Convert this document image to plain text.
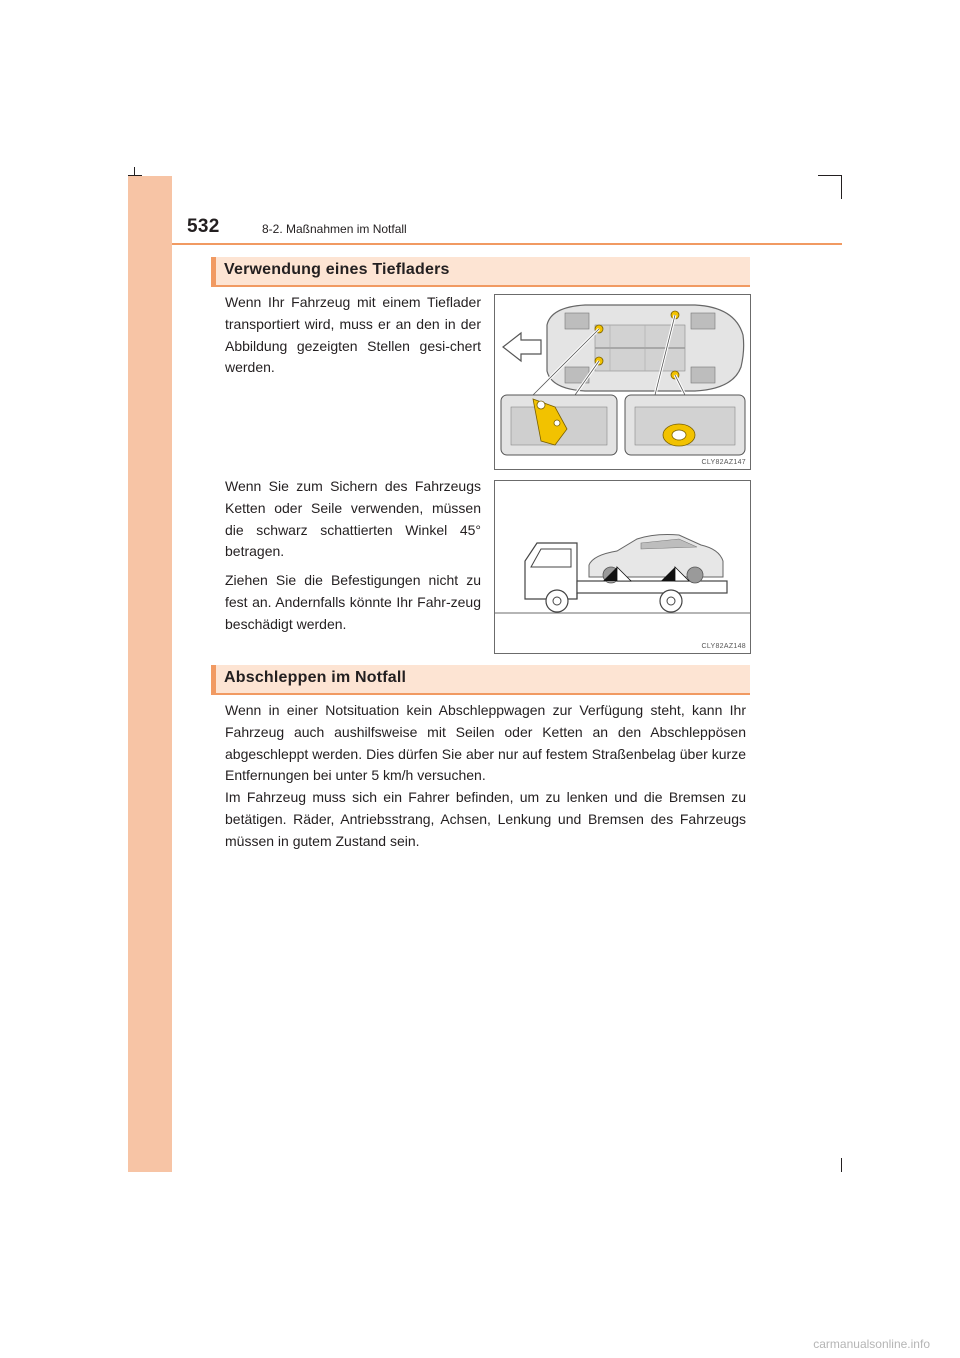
532	8-2. Maßnahmen im Notfall
Verwendung eines Tiefladers
Wenn Ihr Fahrzeug mit einem Tieflader transportiert wird, muss er an den in der Abbildung gezeigten Stellen gesi-chert werden.
Wenn Sie zum Sichern des Fahrzeugs Ketten oder Seile verwenden, müssen die schwarz schattierten Winkel 45° betragen.
Ziehen Sie die Befestigungen nicht zu fest an. Andernfalls könnte Ihr Fahr-zeug beschädigt werden.
CLY82AZ147
CLY82AZ148
Abschleppen im Notfall
Wenn in einer Notsituation kein Abschleppwagen zur Verfügung steht, kann Ihr Fahrzeug auch aushilfsweise mit Seilen oder Ketten an den Abschleppösen abgeschleppt werden. Dies dürfen Sie aber nur auf festem Straßenbelag über kurze Entfernungen bei unter 5 km/h versuchen.
Im Fahrzeug muss sich ein Fahrer befinden, um zu lenken und die Bremsen zu betätigen. Räder, Antriebsstrang, Achsen, Lenkung und Bremsen des Fahrzeugs müssen in gutem Zustand sein.
carmanualsonline.info
